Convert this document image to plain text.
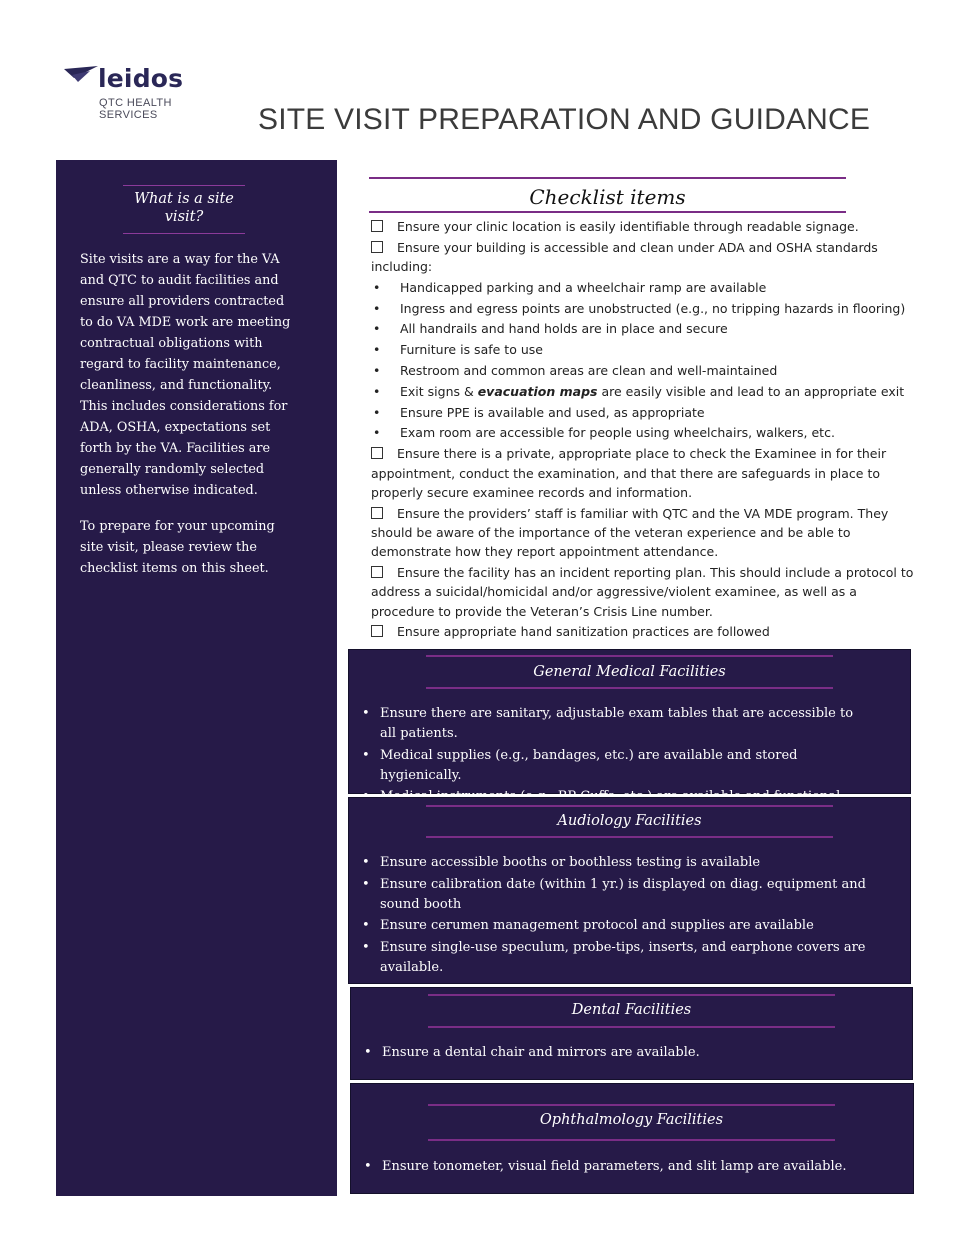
leidos
QTC HEALTH
SERVICES	SITE VISIT PREPARATION AND GUIDANCE
What is a site visit?

Site visits are a way for the VA and QTC to audit facilities and ensure all providers contracted to do VA MDE work are meeting contractual obligations with regard to facility maintenance, cleanliness, and functionality. This includes considerations for ADA, OSHA, expectations set forth by the VA. Facilities are generally randomly selected unless otherwise indicated.

To prepare for your upcoming site visit, please review the checklist items on this sheet.

Checklist items
Ensure your clinic location is easily identifiable through readable signage.
Ensure your building is accessible and clean under ADA and OSHA standards including:
•	Handicapped parking and a wheelchair ramp are available
•	Ingress and egress points are unobstructed (e.g., no tripping hazards in flooring)
•	All handrails and hand holds are in place and secure
•	Furniture is safe to use
•	Restroom and common areas are clean and well-maintained
•	Exit signs & evacuation maps are easily visible and lead to an appropriate exit
•	Ensure PPE is available and used, as appropriate
•	Exam room are accessible for people using wheelchairs, walkers, etc.
Ensure there is a private, appropriate place to check the Examinee in for their appointment, conduct the examination, and that there are safeguards in place to properly secure examinee records and information.
Ensure the providers’ staff is familiar with QTC and the VA MDE program. They should be aware of the importance of the veteran experience and be able to demonstrate how they report appointment attendance.
Ensure the facility has an incident reporting plan. This should include a protocol to address a suicidal/homicidal and/or aggressive/violent examinee, as well as a procedure to provide the Veteran’s Crisis Line number.
Ensure appropriate hand sanitization practices are followed
General Medical Facilities
• Ensure there are sanitary, adjustable exam tables that are accessible to all patients.
• Medical supplies (e.g., bandages, etc.) are available and stored hygienically.
Audiology Facilities
• Ensure accessible booths or boothless testing is available
• Ensure calibration date (within 1 yr.) is displayed on diag. equipment and sound booth
• Ensure cerumen management protocol and supplies are available
• Ensure single-use speculum, probe-tips, inserts, and earphone covers are available.
Dental Facilities
• Ensure a dental chair and mirrors are available.
Ophthalmology Facilities
• Ensure tonometer, visual field parameters, and slit lamp are available.
